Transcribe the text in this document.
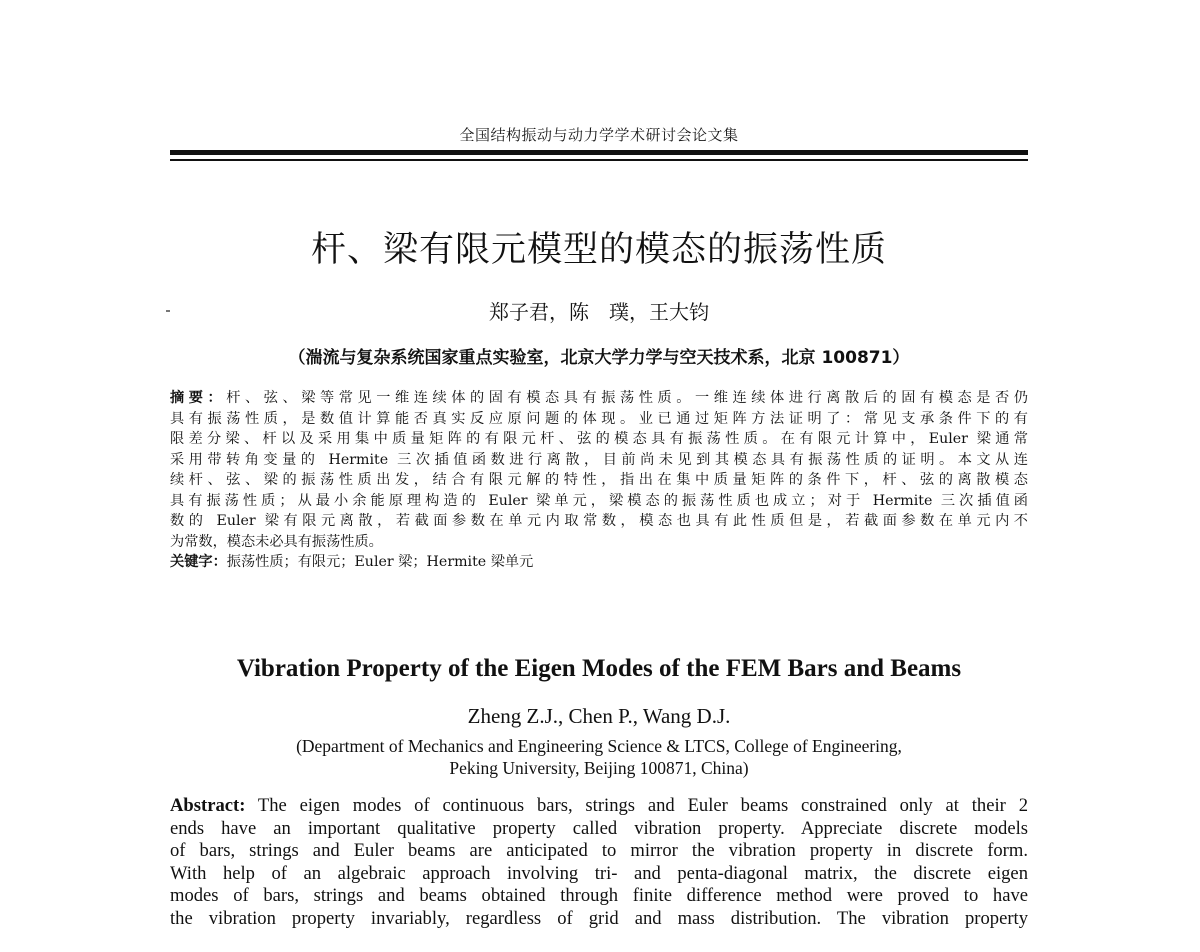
全国结构振动与动力学学术研讨会论文集
杆、梁有限元模型的模态的振荡性质
郑子君，陈　璞，王大钧
（湍流与复杂系统国家重点实验室，北京大学力学与空天技术系，北京 100871）
摘要：杆、弦、梁等常见一维连续体的固有模态具有振荡性质。一维连续体进行离散后的固有模态是否仍
具有振荡性质，是数值计算能否真实反应原问题的体现。业已通过矩阵方法证明了：常见支承条件下的有
限差分梁、杆以及采用集中质量矩阵的有限元杆、弦的模态具有振荡性质。在有限元计算中，Euler 梁通常
采用带转角变量的 Hermite 三次插值函数进行离散，目前尚未见到其模态具有振荡性质的证明。本文从连
续杆、弦、梁的振荡性质出发，结合有限元解的特性，指出在集中质量矩阵的条件下，杆、弦的离散模态
具有振荡性质；从最小余能原理构造的 Euler 梁单元，梁模态的振荡性质也成立；对于 Hermite 三次插值函
数的 Euler 梁有限元离散，若截面参数在单元内取常数，模态也具有此性质但是，若截面参数在单元内不
为常数，模态未必具有振荡性质。
关键字：振荡性质；有限元；Euler 梁；Hermite 梁单元
Vibration Property of the Eigen Modes of the FEM Bars and Beams
Zheng Z.J., Chen P., Wang D.J.
(Department of Mechanics and Engineering Science & LTCS, College of Engineering,
Peking University, Beijing 100871, China)
Abstract: The eigen modes of continuous bars, strings and Euler beams constrained only at their 2
ends have an important qualitative property called vibration property. Appreciate discrete models
of bars, strings and Euler beams are anticipated to mirror the vibration property in discrete form.
With help of an algebraic approach involving tri- and penta-diagonal matrix, the discrete eigen
modes of bars, strings and beams obtained through finite difference method were proved to have
the vibration property invariably, regardless of grid and mass distribution. The vibration property
